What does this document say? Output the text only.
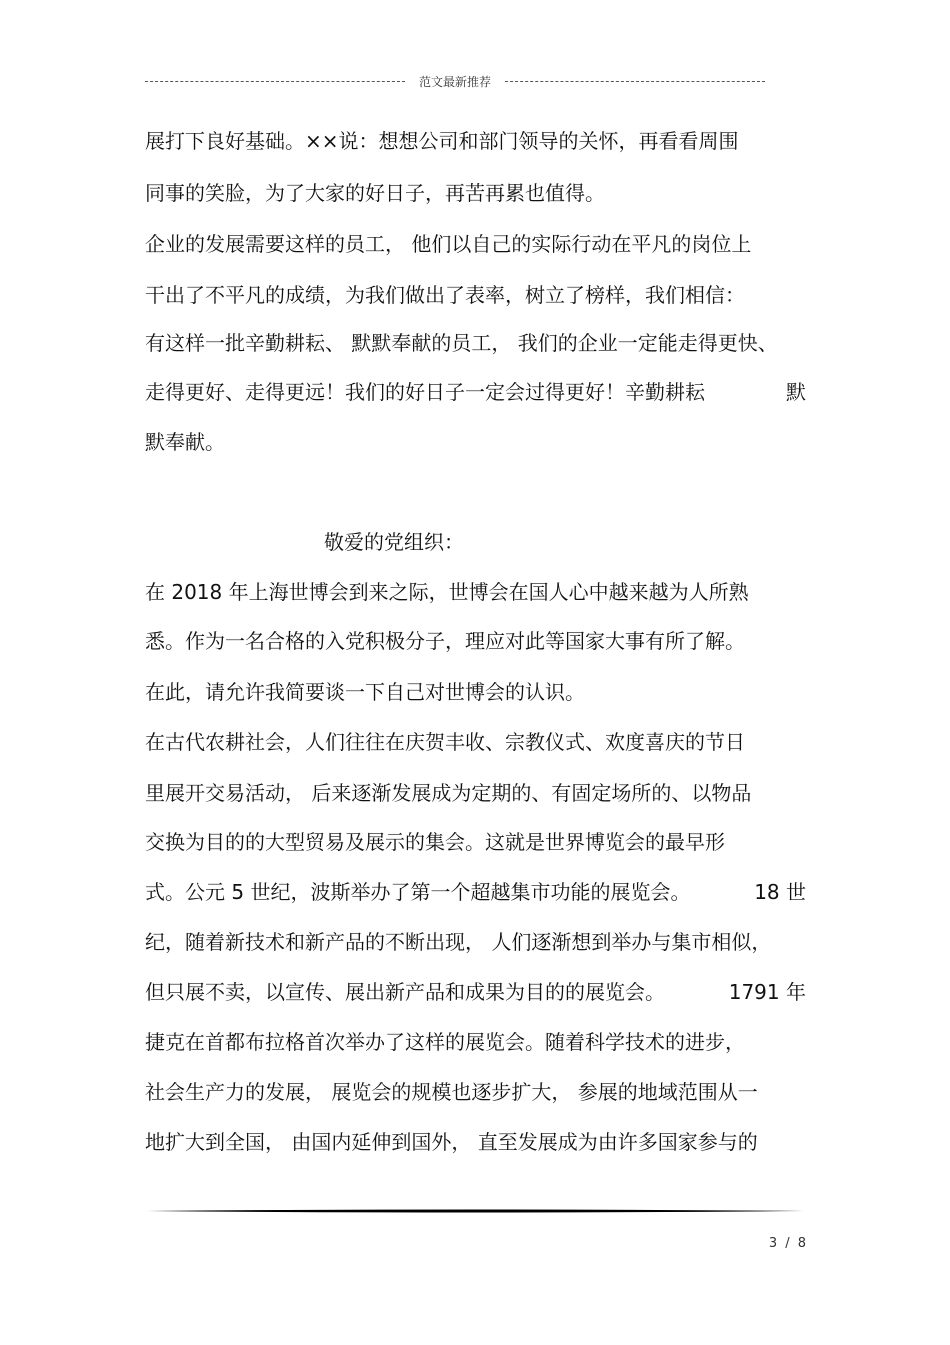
范文最新推荐
展打下良好基础。××说：想想公司和部门领导的关怀，再看看周围
同事的笑脸，为了大家的好日子，再苦再累也值得。
企业的发展需要这样的员工， 他们以自己的实际行动在平凡的岗位上
干出了不平凡的成绩，为我们做出了表率，树立了榜样，我们相信：
有这样一批辛勤耕耘、 默默奉献的员工， 我们的企业一定能走得更快、
走得更好、走得更远！我们的好日子一定会过得更好！辛勤耕耘	默
默奉献。
敬爱的党组织：
在 2018 年上海世博会到来之际，世博会在国人心中越来越为人所熟
悉。作为一名合格的入党积极分子，理应对此等国家大事有所了解。
在此，请允许我简要谈一下自己对世博会的认识。
在古代农耕社会，人们往往在庆贺丰收、宗教仪式、欢度喜庆的节日
里展开交易活动， 后来逐渐发展成为定期的、有固定场所的、以物品
交换为目的的大型贸易及展示的集会。这就是世界博览会的最早形
式。公元 5 世纪，波斯举办了第一个超越集市功能的展览会。	18 世
纪，随着新技术和新产品的不断出现， 人们逐渐想到举办与集市相似，
但只展不卖，以宣传、展出新产品和成果为目的的展览会。	1791 年
捷克在首都布拉格首次举办了这样的展览会。随着科学技术的进步，
社会生产力的发展， 展览会的规模也逐步扩大， 参展的地域范围从一
地扩大到全国， 由国内延伸到国外， 直至发展成为由许多国家参与的
3 / 8
